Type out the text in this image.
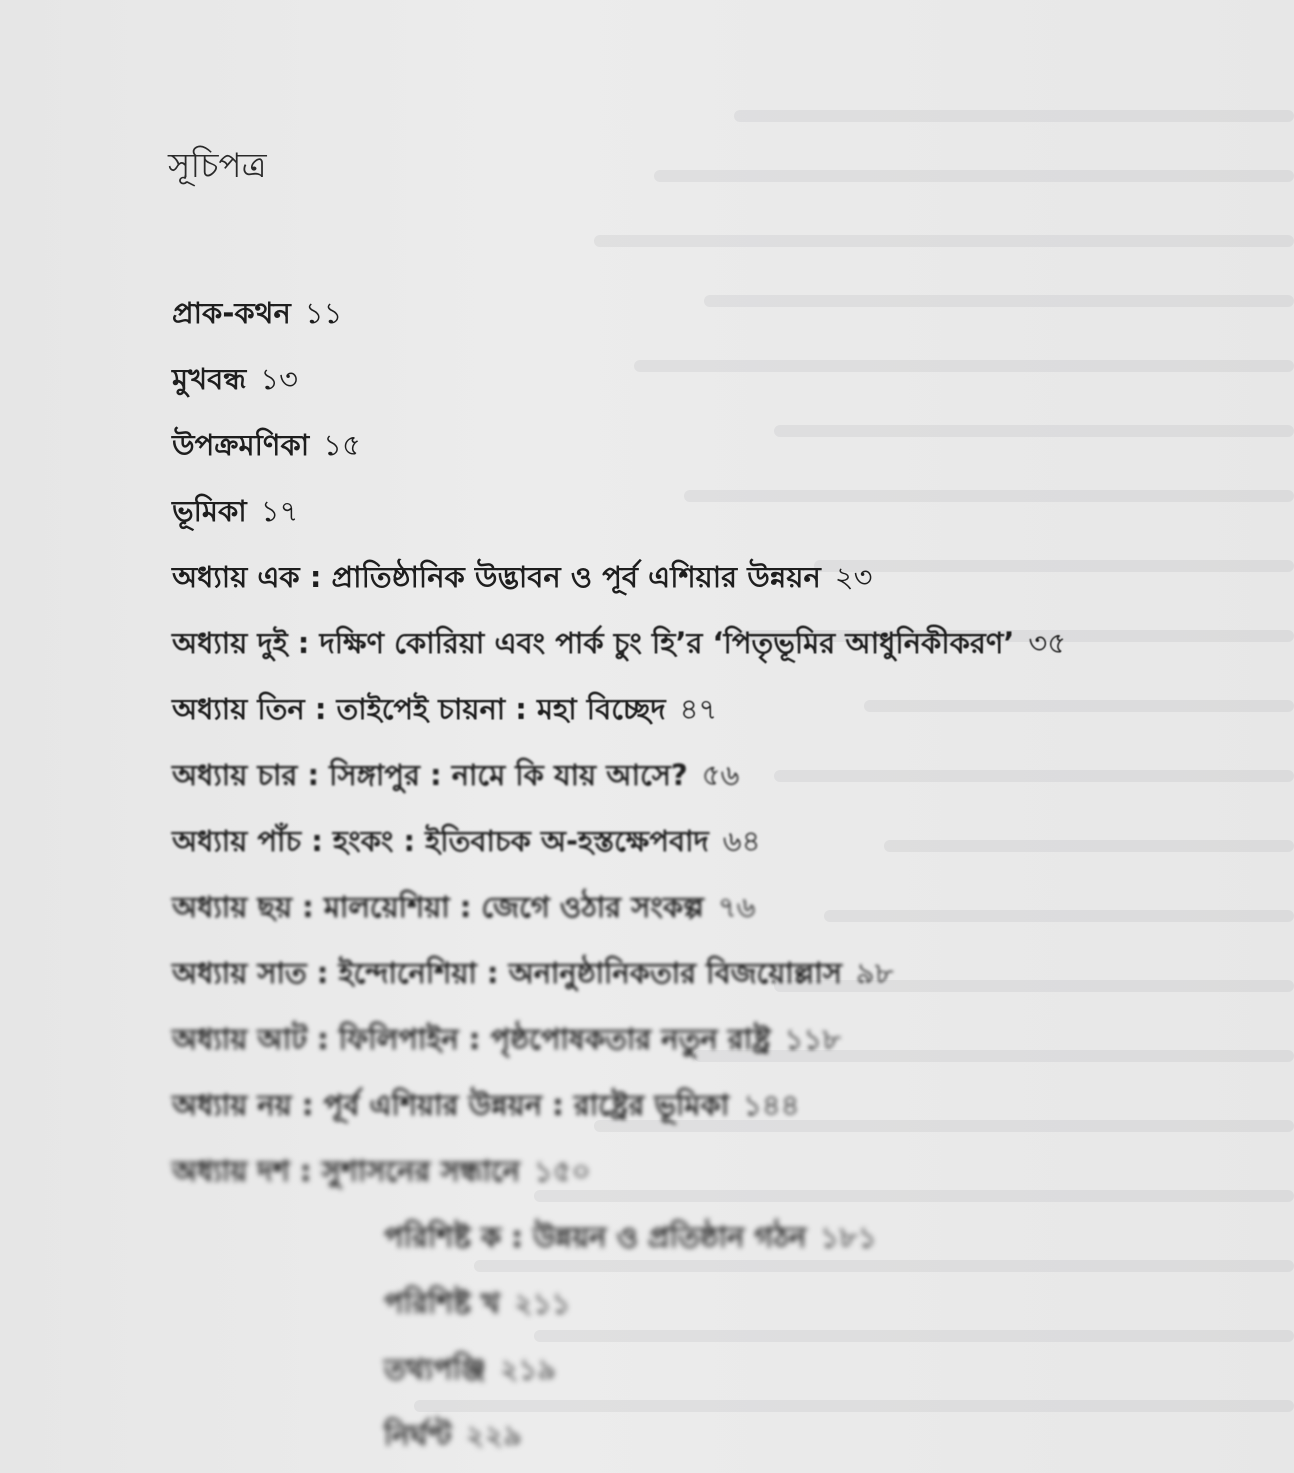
সূচিপত্র
প্রাক-কথন ১১
মুখবন্ধ ১৩
উপক্রমণিকা ১৫
ভূমিকা ১৭
অধ্যায় এক : প্রাতিষ্ঠানিক উদ্ভাবন ও পূর্ব এশিয়ার উন্নয়ন ২৩
অধ্যায় দুই : দক্ষিণ কোরিয়া এবং পার্ক চুং হি’র ‘পিতৃভূমির আধুনিকীকরণ’ ৩৫
অধ্যায় তিন : তাইপেই চায়না : মহা বিচ্ছেদ ৪৭
অধ্যায় চার : সিঙ্গাপুর : নামে কি যায় আসে? ৫৬
অধ্যায় পাঁচ : হংকং : ইতিবাচক অ-হস্তক্ষেপবাদ ৬৪
অধ্যায় ছয় : মালয়েশিয়া : জেগে ওঠার সংকল্প ৭৬
অধ্যায় সাত : ইন্দোনেশিয়া : অনানুষ্ঠানিকতার বিজয়োল্লাস ৯৮
অধ্যায় আট : ফিলিপাইন : পৃষ্ঠপোষকতার নতুন রাষ্ট্র ১১৮
অধ্যায় নয় : পূর্ব এশিয়ার উন্নয়ন : রাষ্ট্রের ভূমিকা ১৪৪
অধ্যায় দশ : সুশাসনের সন্ধানে ১৫০
পরিশিষ্ট ক : উন্নয়ন ও প্রতিষ্ঠান গঠন ১৮১
পরিশিষ্ট খ ২১১
তথ্যপঞ্জি ২১৯
নির্ঘণ্ট ২২৯
